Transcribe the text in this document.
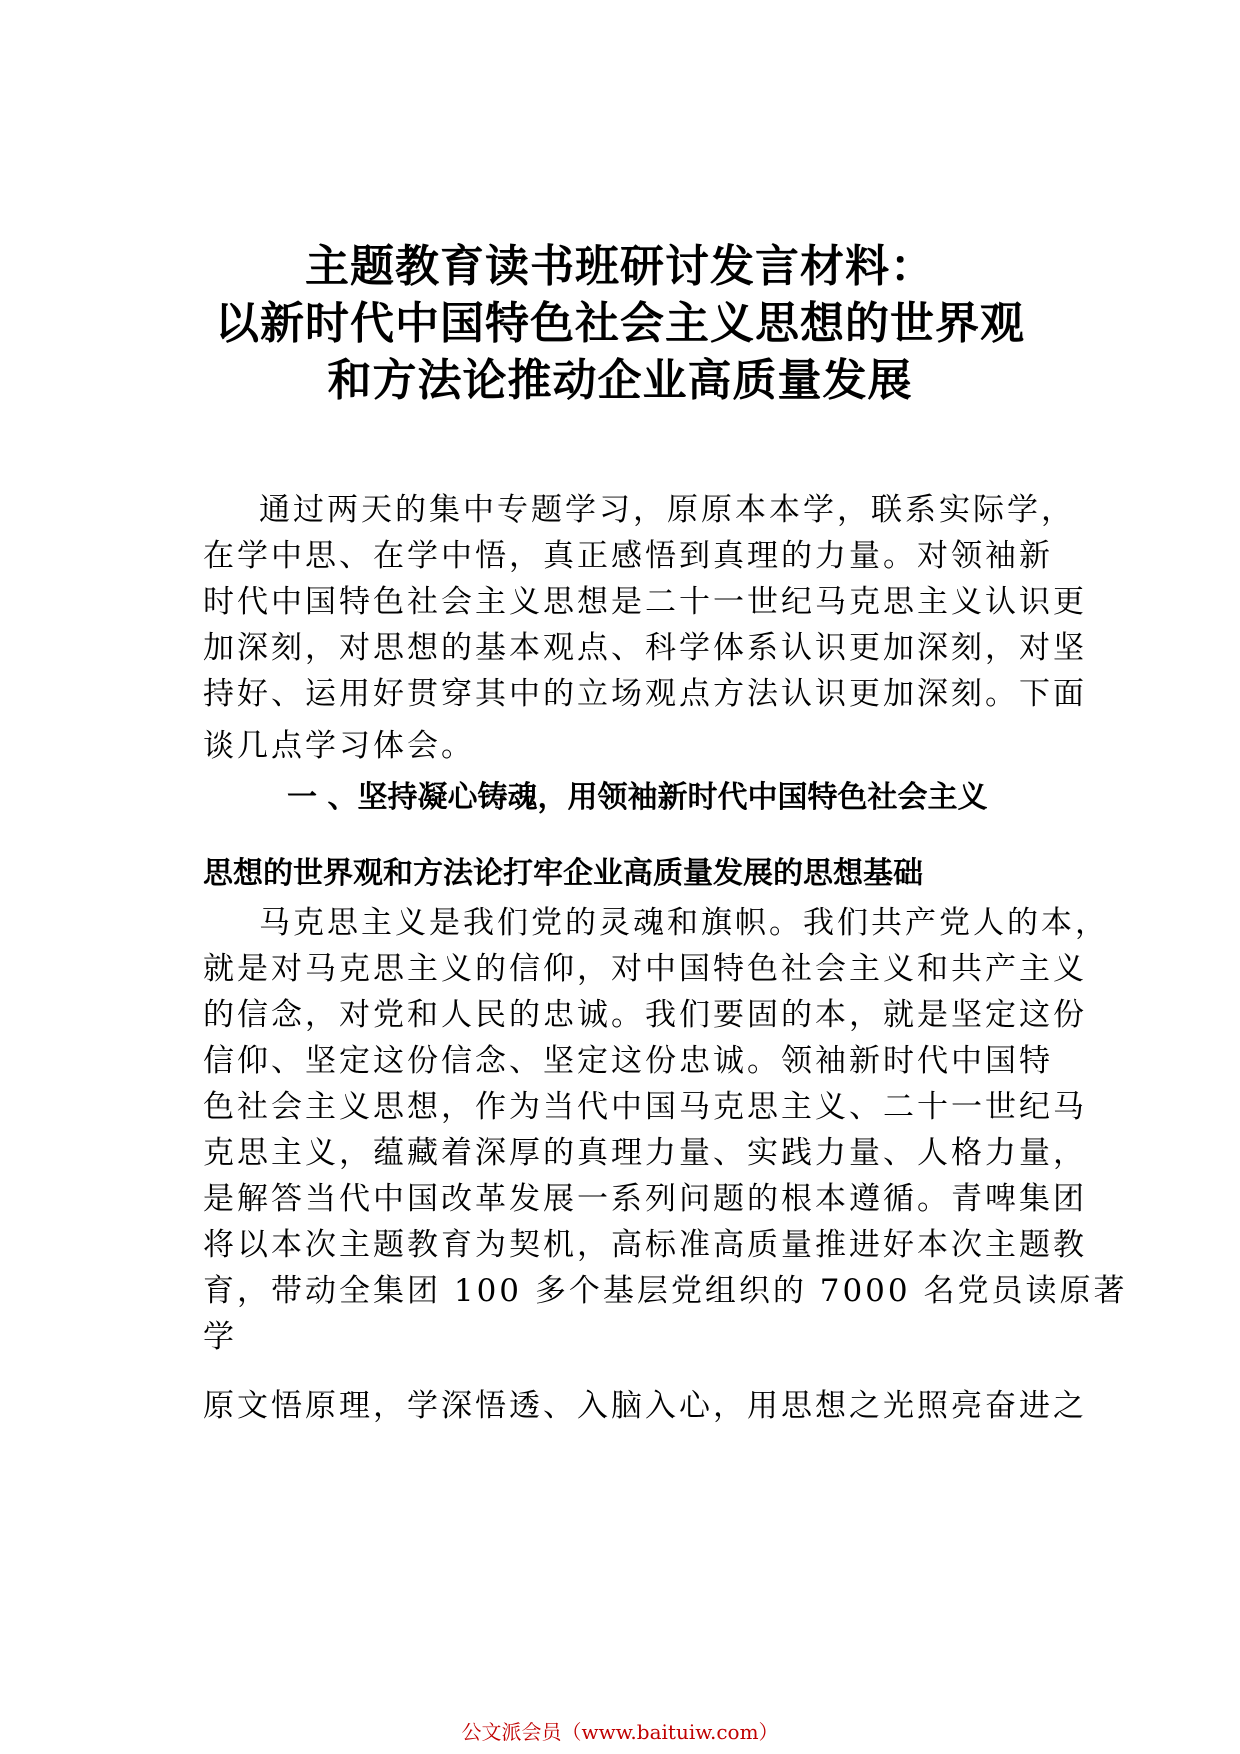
主题教育读书班研讨发言材料：
以新时代中国特色社会主义思想的世界观
和方法论推动企业高质量发展
通过两天的集中专题学习，原原本本学，联系实际学，
在学中思、在学中悟，真正感悟到真理的力量。对领袖新
时代中国特色社会主义思想是二十一世纪马克思主义认识更
加深刻，对思想的基本观点、科学体系认识更加深刻，对坚
持好、运用好贯穿其中的立场观点方法认识更加深刻。下面
谈几点学习体会。
马克思主义是我们党的灵魂和旗帜。我们共产党人的本，
就是对马克思主义的信仰，对中国特色社会主义和共产主义
的信念，对党和人民的忠诚。我们要固的本，就是坚定这份
信仰、坚定这份信念、坚定这份忠诚。领袖新时代中国特
色社会主义思想，作为当代中国马克思主义、二十一世纪马
克思主义，蕴藏着深厚的真理力量、实践力量、人格力量，
是解答当代中国改革发展一系列问题的根本遵循。青啤集团
将以本次主题教育为契机，高标准高质量推进好本次主题教
育，带动全集团 100 多个基层党组织的 7000 名党员读原著
学
原文悟原理，学深悟透、入脑入心，用思想之光照亮奋进之
一 、坚持凝心铸魂，用领袖新时代中国特色社会主义
思想的世界观和方法论打牢企业高质量发展的思想基础
公文派会员（www.baituiw.com）
